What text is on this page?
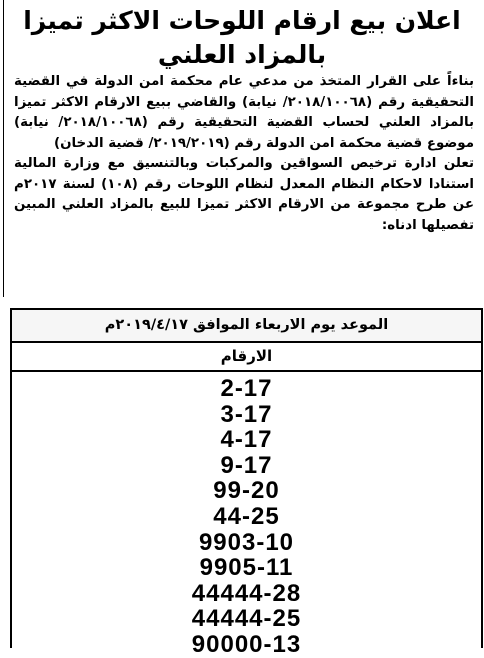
اعلان بيع ارقام اللوحات الاكثر تميزا
بالمزاد العلني

بناءاً على القرار المتخذ من مدعي عام محكمة امن الدولة في القضية التحقيقية رقم (٢٠١٨/١٠٠٦٨/ نيابة) والقاضي ببيع الارقام الاكثر تميزا بالمزاد العلني لحساب القضية التحقيقية رقم (٢٠١٨/١٠٠٦٨/ نيابة) موضوع قضية محكمة امن الدولة رقم (٢٠١٩/٢٠١٩/ قضية الدخان)

تعلن ادارة ترخيص السواقين والمركبات وبالتنسيق مع وزارة المالية استنادا لاحكام النظام المعدل لنظام اللوحات رقم (١٠٨) لسنة ٢٠١٧م عن طرح مجموعة من الارقام الاكثر تميزا للبيع بالمزاد العلني المبين تفصيلها ادناه:

الموعد يوم الاربعاء الموافق ٢٠١٩/٤/١٧م
الارقام
2-17
3-17
4-17
9-17
99-20
44-25
9903-10
9905-11
44444-28
44444-25
90000-13
